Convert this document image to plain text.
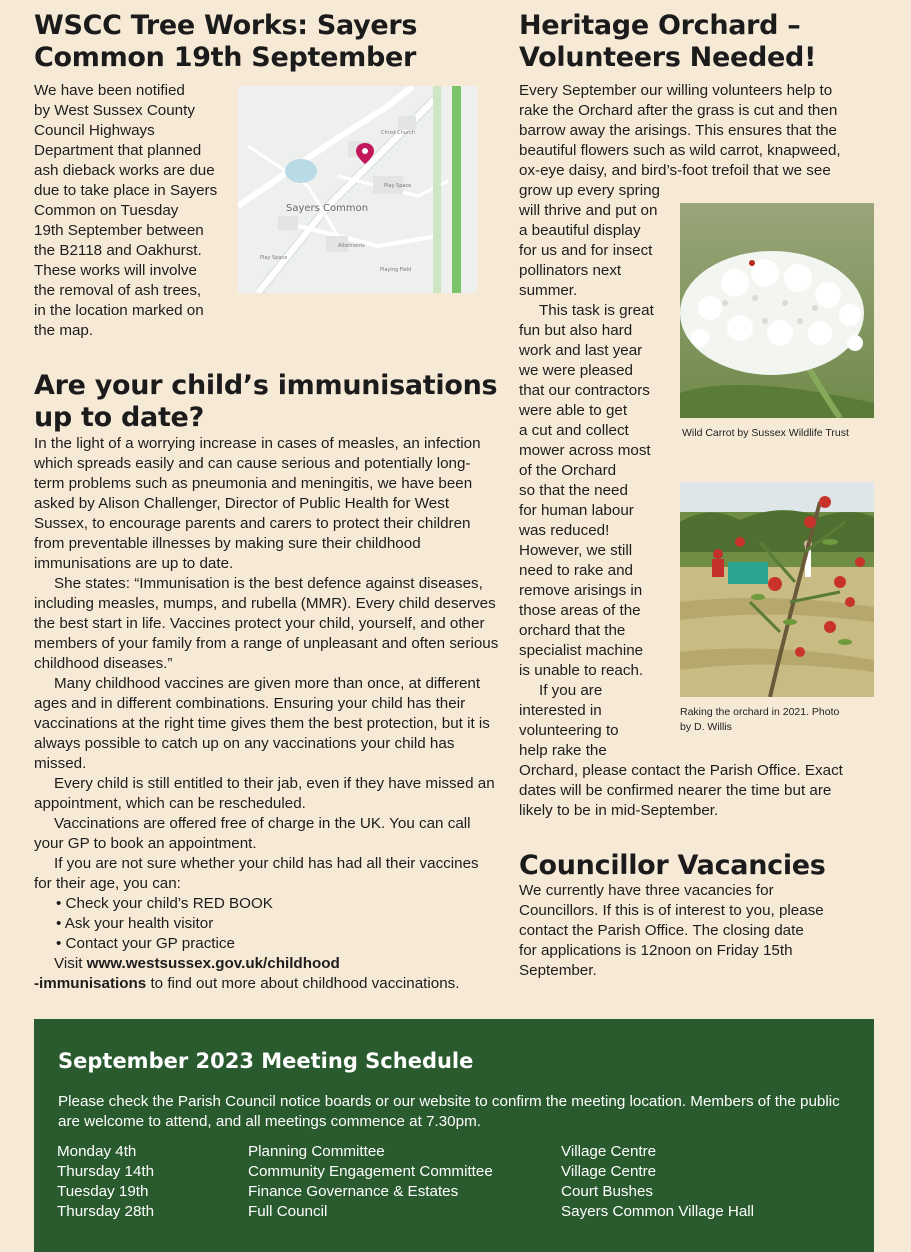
WSCC Tree Works: Sayers
Common 19th September
We have been notified
by West Sussex County
Council Highways
Department that planned
ash dieback works are due
due to take place in Sayers
Common on Tuesday
19th September between
the B2118 and Oakhurst.
These works will involve
the removal of ash trees,
in the location marked on
the map.
Sayers Common
Christ Church
Play Space
Allotments
Playing Field
Play Space
Are your child’s immunisations
up to date?

In the light of a worrying increase in cases of measles, an infection which spreads easily and can cause serious and potentially long-term problems such as pneumonia and meningitis, we have been asked by Alison Challenger, Director of Public Health for West Sussex, to encourage parents and carers to protect their children from preventable illnesses by making sure their childhood immunisations are up to date.

She states: “Immunisation is the best defence against diseases, including measles, mumps, and rubella (MMR). Every child deserves the best start in life. Vaccines protect your child, yourself, and other members of your family from a range of unpleasant and often serious childhood diseases.”

Many childhood vaccines are given more than once, at different ages and in different combinations. Ensuring your child has their vaccinations at the right time gives them the best protection, but it is always possible to catch up on any vaccinations your child has missed.

Every child is still entitled to their jab, even if they have missed an appointment, which can be rescheduled.

Vaccinations are offered free of charge in the UK. You can call your GP to book an appointment.

If you are not sure whether your child has had all their vaccines for their age, you can:

• Check your child’s RED BOOK
• Ask your health visitor
• Contact your GP practice
Visit www.westsussex.gov.uk/childhood
-immunisations to find out more about childhood vaccinations.
Heritage Orchard –
Volunteers Needed!
Every September our willing volunteers help to
rake the Orchard after the grass is cut and then
barrow away the arisings. This ensures that the
beautiful flowers such as wild carrot, knapweed,
ox-eye daisy, and bird’s-foot trefoil that we see
grow up every spring
will thrive and put on
a beautiful display
for us and for insect
pollinators next
summer.
This task is great
fun but also hard
work and last year
we were pleased
that our contractors
were able to get
a cut and collect
mower across most
of the Orchard
so that the need
for human labour
was reduced!
However, we still
need to rake and
remove arisings in
those areas of the
orchard that the
specialist machine
is unable to reach.
If you are
interested in
volunteering to
help rake the
Orchard, please contact the Parish Office. Exact
dates will be confirmed nearer the time but are
likely to be in mid-September.
Wild Carrot by Sussex Wildlife Trust
Raking the orchard in 2021. Photo
by D. Willis
Councillor Vacancies
We currently have three vacancies for
Councillors. If this is of interest to you, please
contact the Parish Office. The closing date
for applications is 12noon on Friday 15th
September.
September 2023 Meeting Schedule
Please check the Parish Council notice boards or our website to confirm the meeting location. Members of the public are welcome to attend, and all meetings commence at 7.30pm.
Monday 4th
Thursday 14th
Tuesday 19th
Thursday 28th
Planning Committee
Community Engagement Committee
Finance Governance & Estates
Full Council
Village Centre
Village Centre
Court Bushes
Sayers Common Village Hall
